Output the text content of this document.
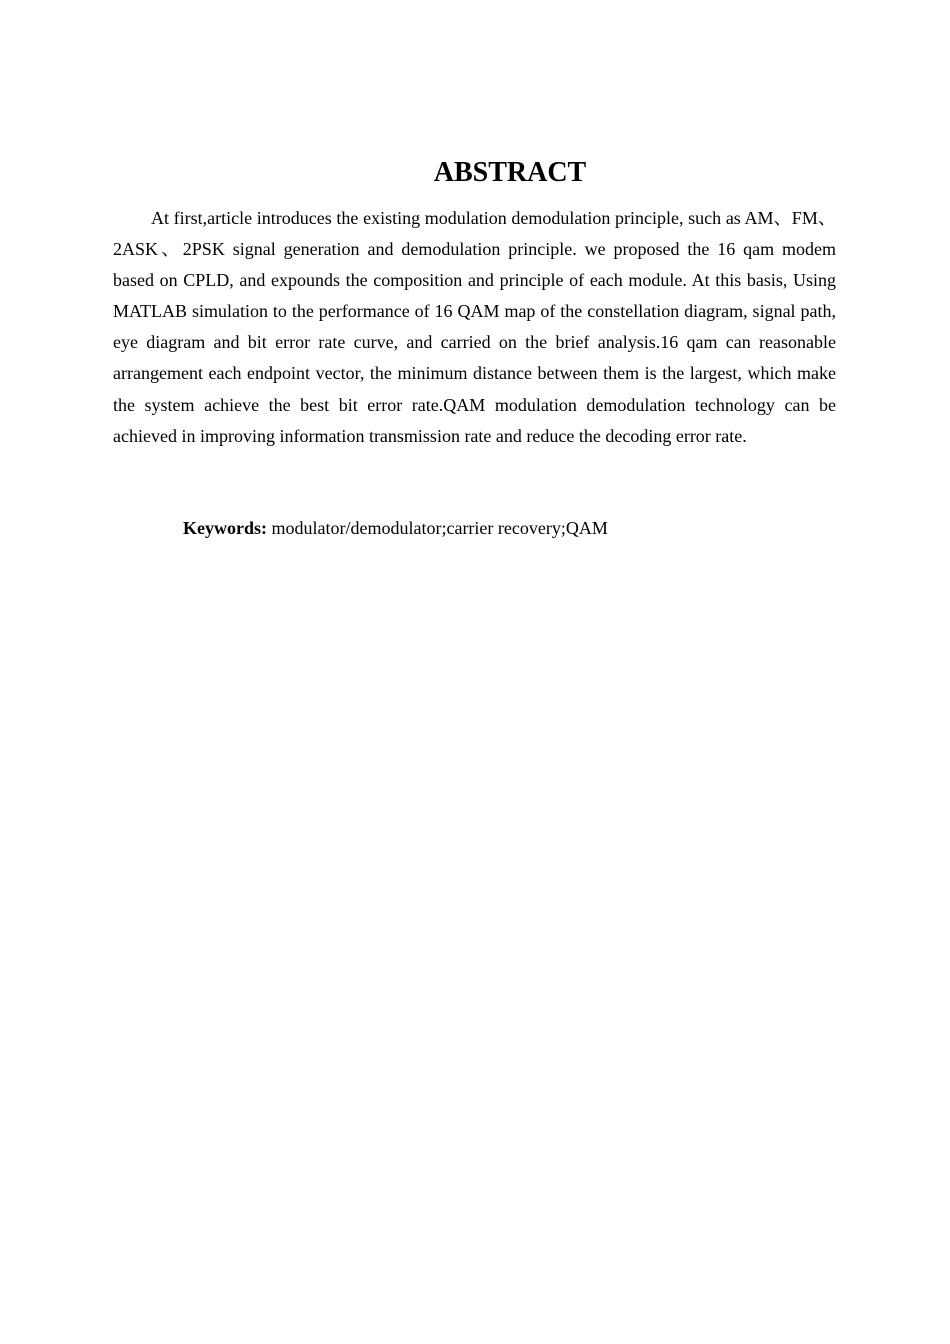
ABSTRACT

At first,article introduces the existing modulation demodulation principle, such as AM、FM、2ASK、2PSK signal generation and demodulation principle. we proposed the 16 qam modem based on CPLD, and expounds the composition and principle of each module. At this basis, Using MATLAB simulation to the performance of 16 QAM map of the constellation diagram, signal path, eye diagram and bit error rate curve, and carried on the brief analysis.16 qam can reasonable arrangement each endpoint vector, the minimum distance between them is the largest, which make the system achieve the best bit error rate.QAM modulation demodulation technology can be achieved in improving information transmission rate and reduce the decoding error rate.

Keywords: modulator/demodulator;carrier recovery;QAM
